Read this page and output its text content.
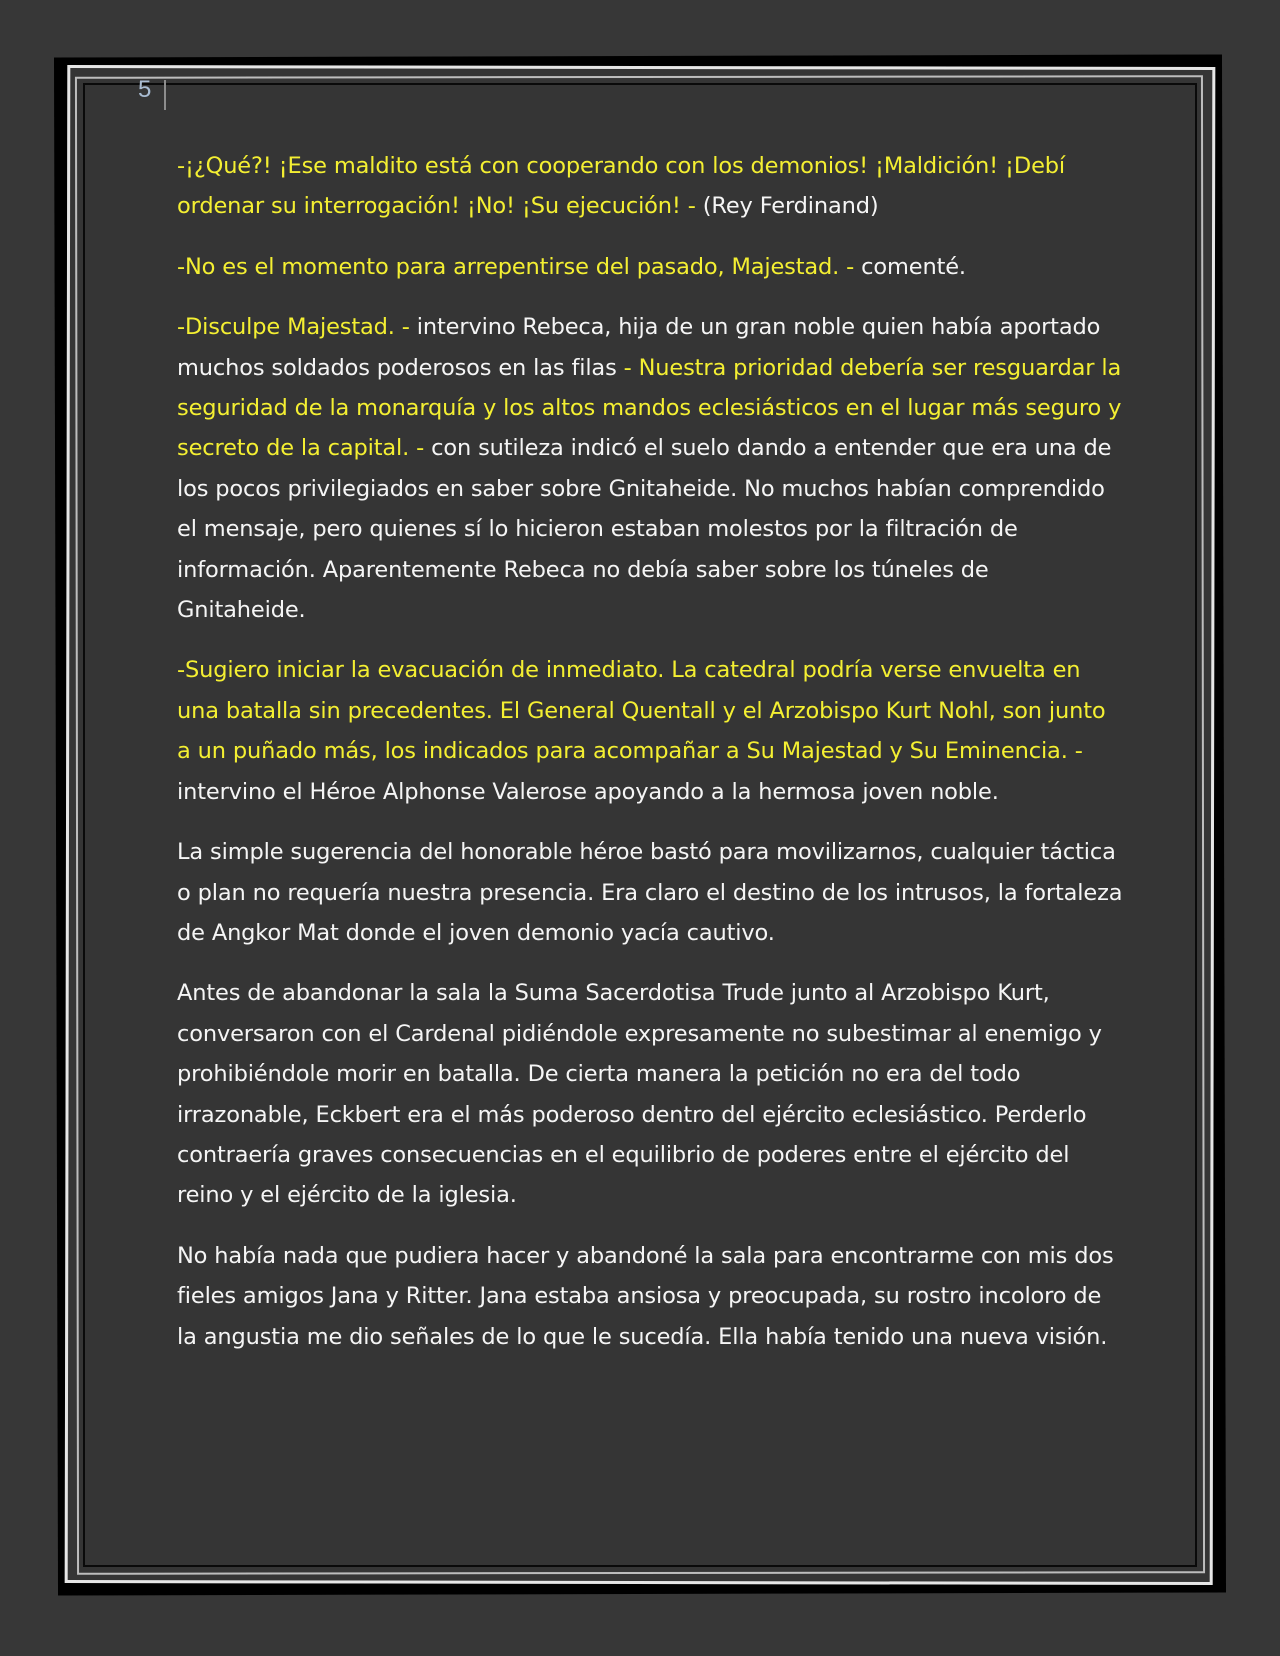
5

-¡¿Qué?! ¡Ese maldito está con cooperando con los demonios! ¡Maldición! ¡Debí ordenar su interrogación! ¡No! ¡Su ejecución! - (Rey Ferdinand)

-No es el momento para arrepentirse del pasado, Majestad. - comenté.

-Disculpe Majestad. - intervino Rebeca, hija de un gran noble quien había aportado muchos soldados poderosos en las filas - Nuestra prioridad debería ser resguardar la seguridad de la monarquía y los altos mandos eclesiásticos en el lugar más seguro y secreto de la capital. - con sutileza indicó el suelo dando a entender que era una de los pocos privilegiados en saber sobre Gnitaheide. No muchos habían comprendido el mensaje, pero quienes sí lo hicieron estaban molestos por la filtración de información. Aparentemente Rebeca no debía saber sobre los túneles de Gnitaheide.

-Sugiero iniciar la evacuación de inmediato. La catedral podría verse envuelta en una batalla sin precedentes. El General Quentall y el Arzobispo Kurt Nohl, son junto a un puñado más, los indicados para acompañar a Su Majestad y Su Eminencia. - intervino el Héroe Alphonse Valerose apoyando a la hermosa joven noble.

La simple sugerencia del honorable héroe bastó para movilizarnos, cualquier táctica o plan no requería nuestra presencia. Era claro el destino de los intrusos, la fortaleza de Angkor Mat donde el joven demonio yacía cautivo.

Antes de abandonar la sala la Suma Sacerdotisa Trude junto al Arzobispo Kurt, conversaron con el Cardenal pidiéndole expresamente no subestimar al enemigo y prohibiéndole morir en batalla. De cierta manera la petición no era del todo irrazonable, Eckbert era el más poderoso dentro del ejército eclesiástico. Perderlo contraería graves consecuencias en el equilibrio de poderes entre el ejército del reino y el ejército de la iglesia.

No había nada que pudiera hacer y abandoné la sala para encontrarme con mis dos fieles amigos Jana y Ritter. Jana estaba ansiosa y preocupada, su rostro incoloro de la angustia me dio señales de lo que le sucedía. Ella había tenido una nueva visión.
